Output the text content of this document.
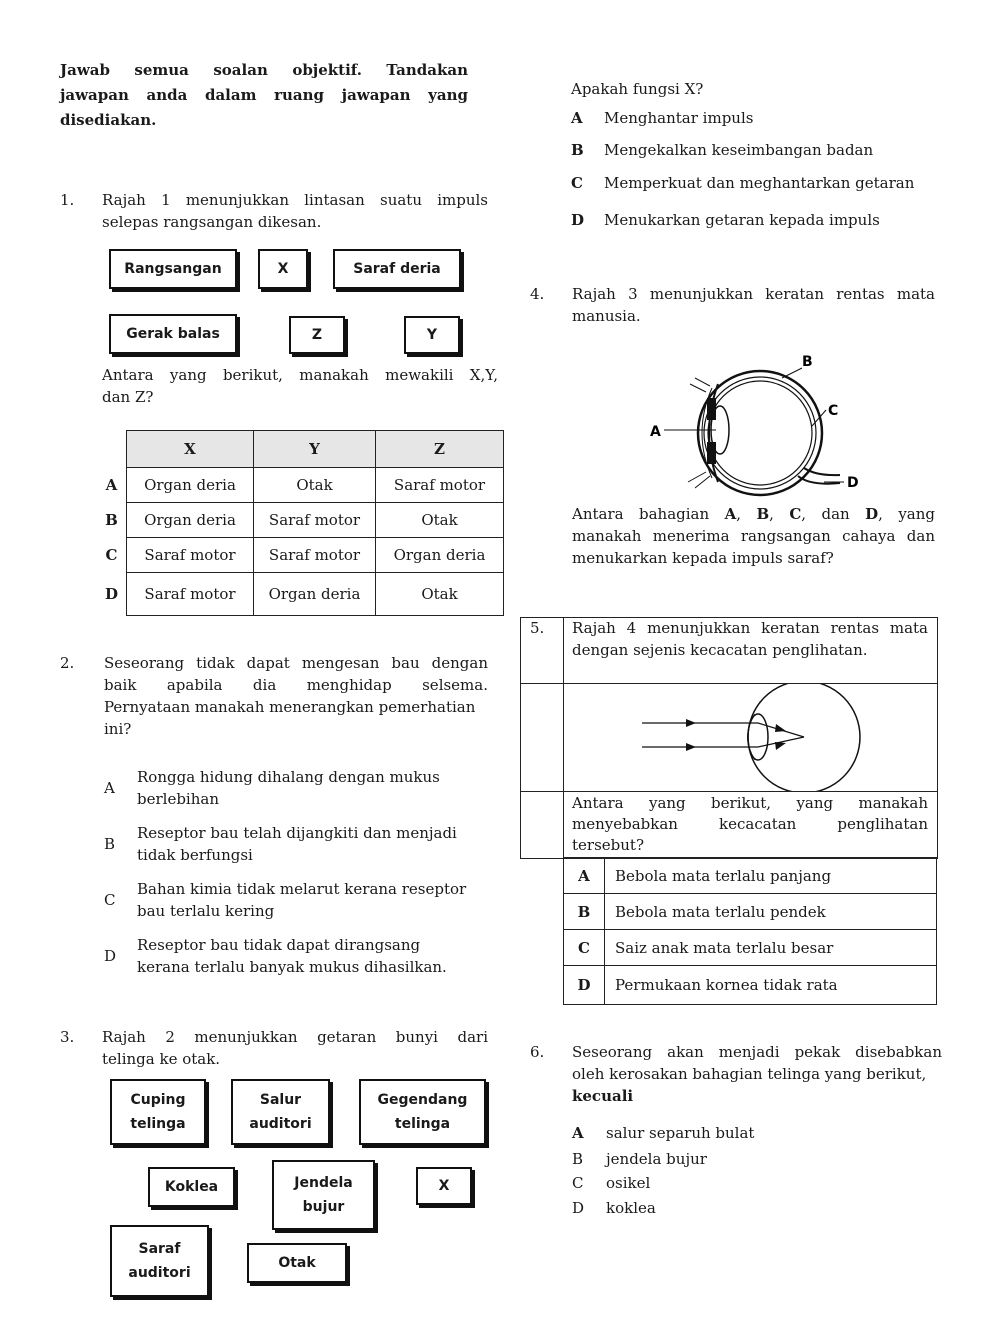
Jawab semua soalan objektif. Tandakan
jawapan anda dalam ruang jawapan yang
disediakan.
1. Rajah 1 menunjukkan lintasan suatu impuls
selepas rangsangan dikesan.
Rangsangan	X	Saraf deria
Gerak balas	Z	Y
Antara yang berikut, manakah mewakili X,Y,
dan Z?
	X	Y	Z
A	Organ deria	Otak	Saraf motor
B	Organ deria	Saraf motor	Otak
C	Saraf motor	Saraf motor	Organ deria
D	Saraf motor	Organ deria	Otak
2. Seseorang tidak dapat mengesan bau dengan
baik apabila dia menghidap selsema.
Pernyataan manakah menerangkan pemerhatian
ini?
A
Rongga hidung dihalang dengan mukus
berlebihan
B
Reseptor bau telah dijangkiti dan menjadi
tidak berfungsi
C
Bahan kimia tidak melarut kerana reseptor
bau terlalu kering
D
Reseptor bau tidak dapat dirangsang
kerana terlalu banyak mukus dihasilkan.
3. Rajah 2 menunjukkan getaran bunyi dari
telinga ke otak.
Cuping
telinga
Salur
auditori
Gegendang
telinga
Koklea	Jendela
bujur
X
Saraf
auditori
Otak
Apakah fungsi X?
A Menghantar impuls
B Mengekalkan keseimbangan badan
C Memperkuat dan meghantarkan getaran
D Menukarkan getaran kepada impuls
4. Rajah 3 menunjukkan keratan rentas mata
manusia.
A
B
C
D
Antara bahagian A, B, C, dan D, yang
manakah menerima rangsangan cahaya dan
menukarkan kepada impuls saraf?
5. Rajah 4 menunjukkan keratan rentas mata
dengan sejenis kecacatan penglihatan.
Antara yang berikut, yang manakah
menyebabkan kecacatan penglihatan
tersebut?
A	Bebola mata terlalu panjang
B	Bebola mata terlalu pendek
C	Saiz anak mata terlalu besar
D	Permukaan kornea tidak rata
6. Seseorang akan menjadi pekak disebabkan
oleh kerosakan bahagian telinga yang berikut,
kecuali
A salur separuh bulat
B jendela bujur
C osikel
D koklea
